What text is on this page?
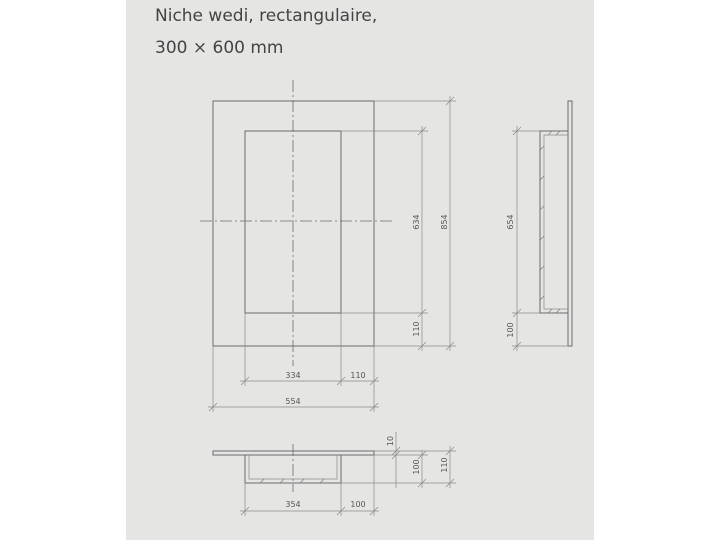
Niche wedi, rectangulaire,

300 × 600 mm

634 854
110
334	110
554
654
100
10
100 110
354	100
